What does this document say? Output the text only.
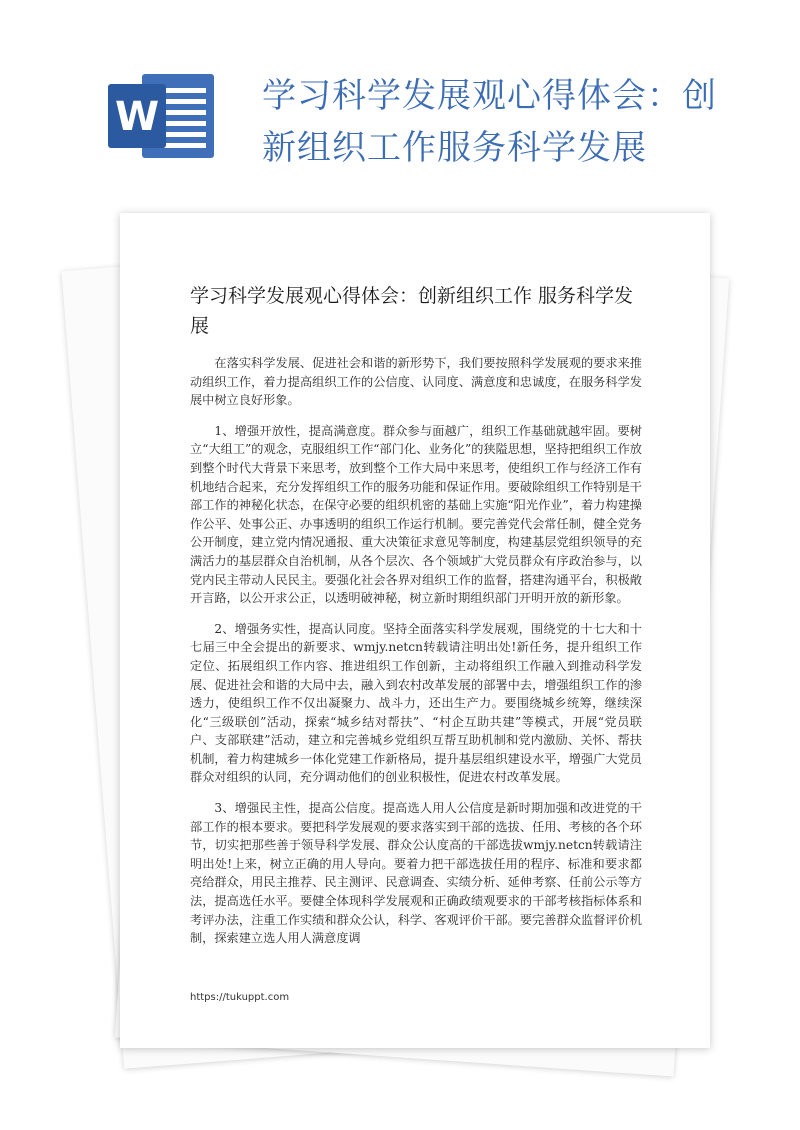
W	学习科学发展观心得体会：创新组织工作服务科学发展
学习科学发展观心得体会：创新组织工作 服务科学发展

在落实科学发展、促进社会和谐的新形势下，我们要按照科学发展观的要求来推动组织工作，着力提高组织工作的公信度、认同度、满意度和忠诚度，在服务科学发展中树立良好形象。

1、增强开放性，提高满意度。群众参与面越广，组织工作基础就越牢固。要树立“大组工”的观念，克服组织工作“部门化、业务化”的狭隘思想，坚持把组织工作放到整个时代大背景下来思考，放到整个工作大局中来思考，使组织工作与经济工作有机地结合起来，充分发挥组织工作的服务功能和保证作用。要破除组织工作特别是干部工作的神秘化状态，在保守必要的组织机密的基础上实施“阳光作业”，着力构建操作公平、处事公正、办事透明的组织工作运行机制。要完善党代会常任制，健全党务公开制度，建立党内情况通报、重大决策征求意见等制度，构建基层党组织领导的充满活力的基层群众自治机制，从各个层次、各个领域扩大党员群众有序政治参与，以党内民主带动人民民主。要强化社会各界对组织工作的监督，搭建沟通平台，积极敞开言路，以公开求公正，以透明破神秘，树立新时期组织部门开明开放的新形象。

2、增强务实性，提高认同度。坚持全面落实科学发展观，围绕党的十七大和十七届三中全会提出的新要求、wmjy.netcn转载请注明出处!新任务，提升组织工作定位、拓展组织工作内容、推进组织工作创新，主动将组织工作融入到推动科学发展、促进社会和谐的大局中去，融入到农村改革发展的部署中去，增强组织工作的渗透力，使组织工作不仅出凝聚力、战斗力，还出生产力。要围绕城乡统筹，继续深化“三级联创”活动，探索“城乡结对帮扶”、“村企互助共建”等模式，开展“党员联户、支部联建”活动，建立和完善城乡党组织互帮互助机制和党内激励、关怀、帮扶机制，着力构建城乡一体化党建工作新格局，提升基层组织建设水平，增强广大党员群众对组织的认同，充分调动他们的创业积极性，促进农村改革发展。

3、增强民主性，提高公信度。提高选人用人公信度是新时期加强和改进党的干部工作的根本要求。要把科学发展观的要求落实到干部的选拔、任用、考核的各个环节，切实把那些善于领导科学发展、群众公认度高的干部选拔wmjy.netcn转载请注明出处!上来，树立正确的用人导向。要着力把干部选拔任用的程序、标准和要求都亮给群众，用民主推荐、民主测评、民意调查、实绩分析、延伸考察、任前公示等方法，提高选任水平。要健全体现科学发展观和正确政绩观要求的干部考核指标体系和考评办法，注重工作实绩和群众公认，科学、客观评价干部。要完善群众监督评价机制，探索建立选人用人满意度调

https://tukuppt.com
